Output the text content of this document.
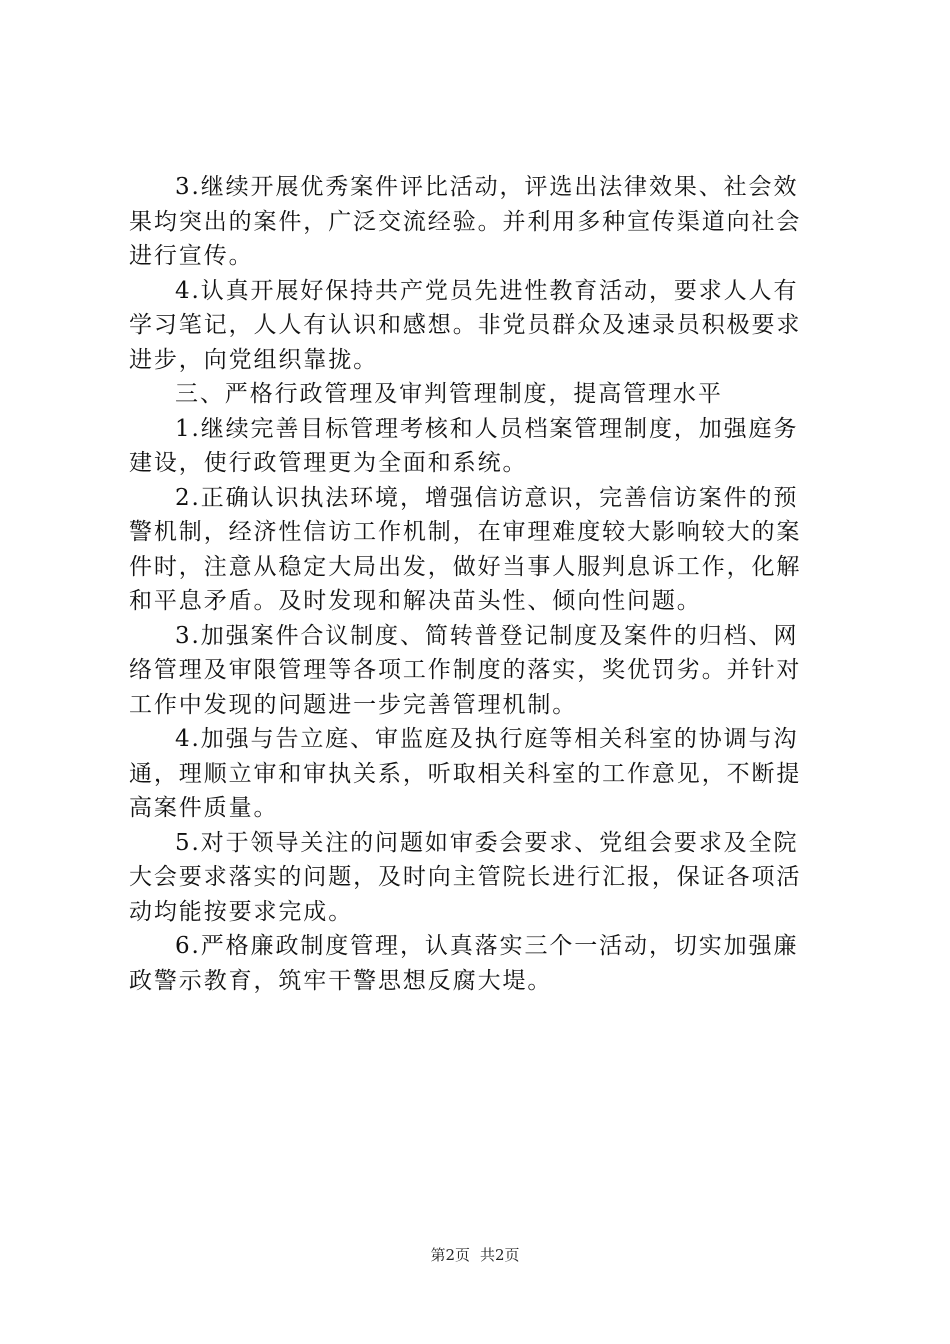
3.继续开展优秀案件评比活动，评选出法律效果、社会效

果均突出的案件，广泛交流经验。并利用多种宣传渠道向社会

进行宣传。

4.认真开展好保持共产党员先进性教育活动，要求人人有

学习笔记，人人有认识和感想。非党员群众及速录员积极要求

进步，向党组织靠拢。

三、严格行政管理及审判管理制度，提高管理水平

1.继续完善目标管理考核和人员档案管理制度，加强庭务

建设，使行政管理更为全面和系统。

2.正确认识执法环境，增强信访意识，完善信访案件的预

警机制，经济性信访工作机制，在审理难度较大影响较大的案

件时，注意从稳定大局出发，做好当事人服判息诉工作，化解

和平息矛盾。及时发现和解决苗头性、倾向性问题。

3.加强案件合议制度、简转普登记制度及案件的归档、网

络管理及审限管理等各项工作制度的落实，奖优罚劣。并针对

工作中发现的问题进一步完善管理机制。

4.加强与告立庭、审监庭及执行庭等相关科室的协调与沟

通，理顺立审和审执关系，听取相关科室的工作意见，不断提

高案件质量。

5.对于领导关注的问题如审委会要求、党组会要求及全院

大会要求落实的问题，及时向主管院长进行汇报，保证各项活

动均能按要求完成。

6.严格廉政制度管理，认真落实三个一活动，切实加强廉

政警示教育，筑牢干警思想反腐大堤。

第2页 共2页
